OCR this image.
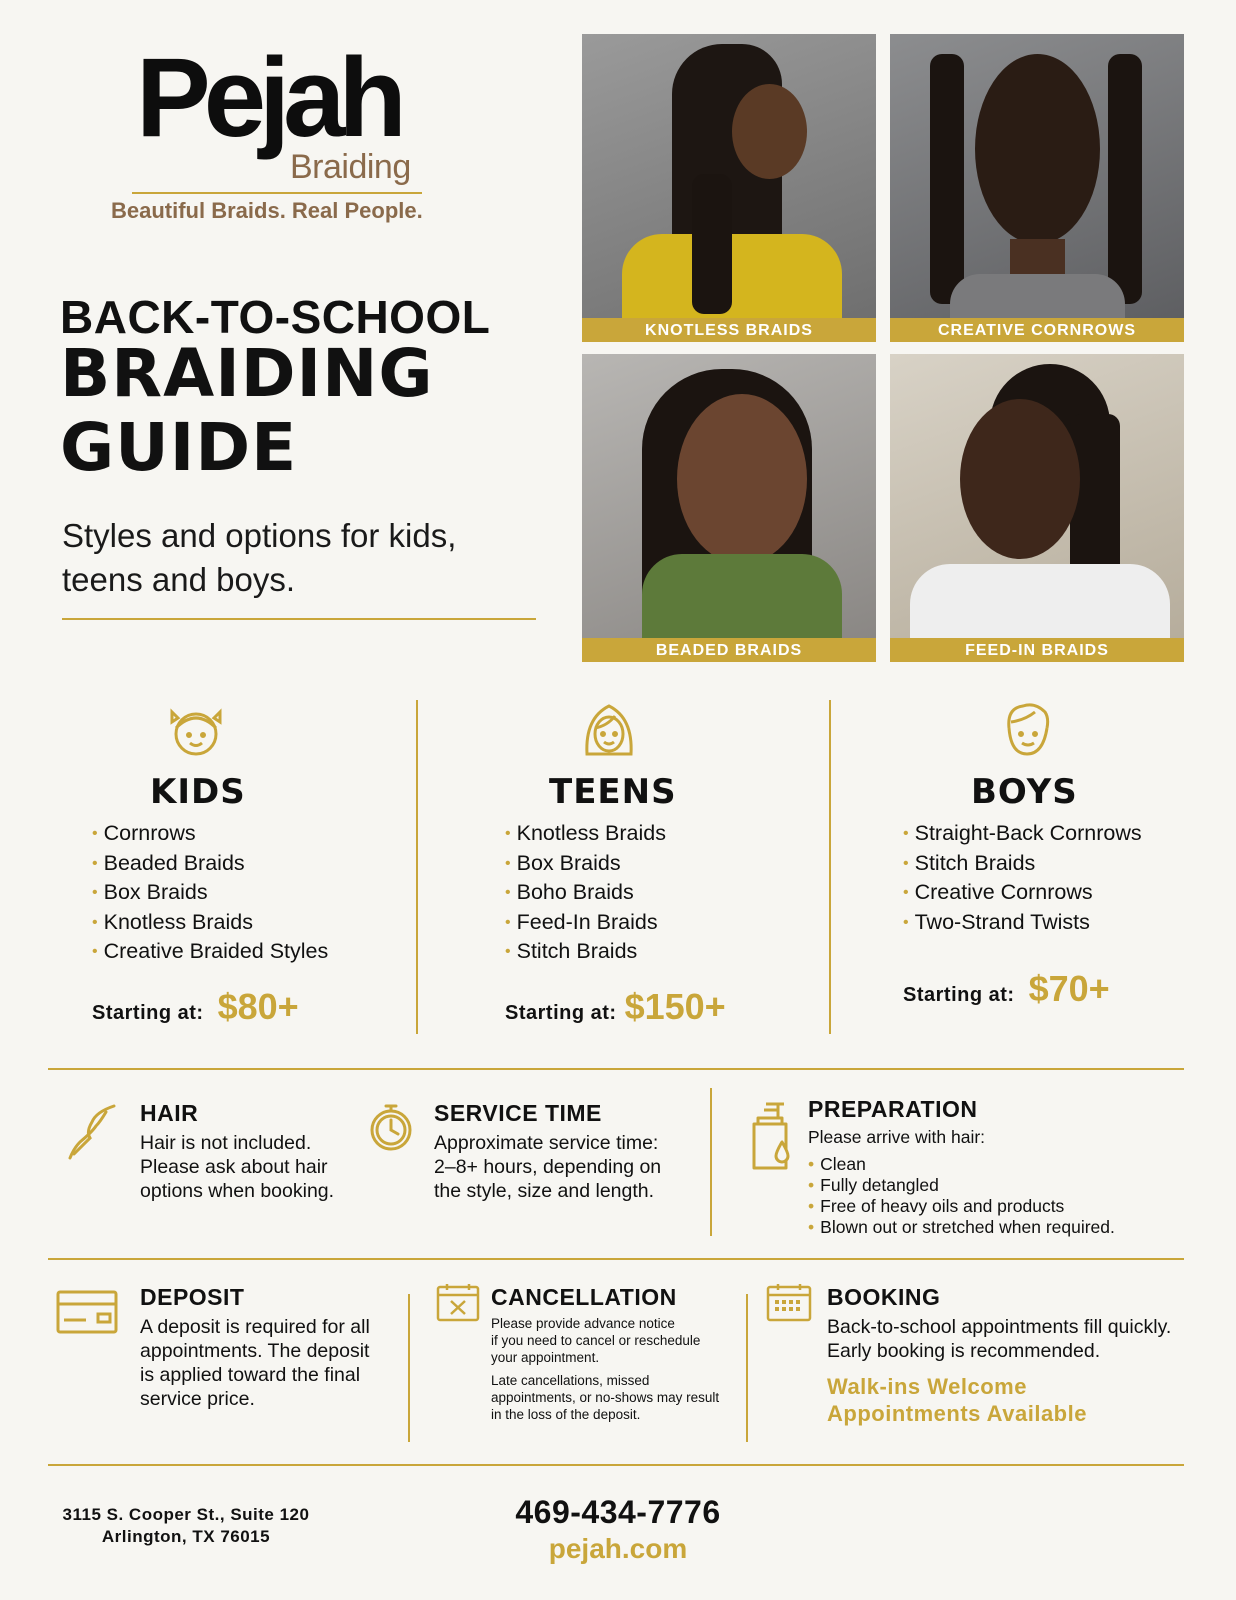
Pejah
Braiding
Beautiful Braids. Real People.
BACK-TO-SCHOOL
BRAIDING
GUIDE
Styles and options for kids, teens and boys.
KNOTLESS BRAIDS	CREATIVE CORNROWS
BEADED BRAIDS	FEED-IN BRAIDS
KIDS
• Cornrows
• Beaded Braids
• Box Braids
• Knotless Braids
• Creative Braided Styles
Starting at: $80+
TEENS
• Knotless Braids
• Box Braids
• Boho Braids
• Feed-In Braids
• Stitch Braids
Starting at: $150+
BOYS
• Straight-Back Cornrows
• Stitch Braids
• Creative Cornrows
• Two-Strand Twists
Starting at: $70+
HAIR
Hair is not included.
Please ask about hair
options when booking.
SERVICE TIME
Approximate service time:
2–8+ hours, depending on
the style, size and length.
PREPARATION
Please arrive with hair:
• Clean
• Fully detangled
• Free of heavy oils and products
• Blown out or stretched when required.
DEPOSIT
A deposit is required for all
appointments. The deposit
is applied toward the final
service price.
CANCELLATION
Please provide advance notice
if you need to cancel or reschedule
your appointment.
Late cancellations, missed
appointments, or no-shows may result
in the loss of the deposit.
BOOKING
Back-to-school appointments fill quickly.
Early booking is recommended.
Walk-ins Welcome
Appointments Available
3115 S. Cooper St., Suite 120
Arlington, TX 76015
469-434-7776
pejah.com
